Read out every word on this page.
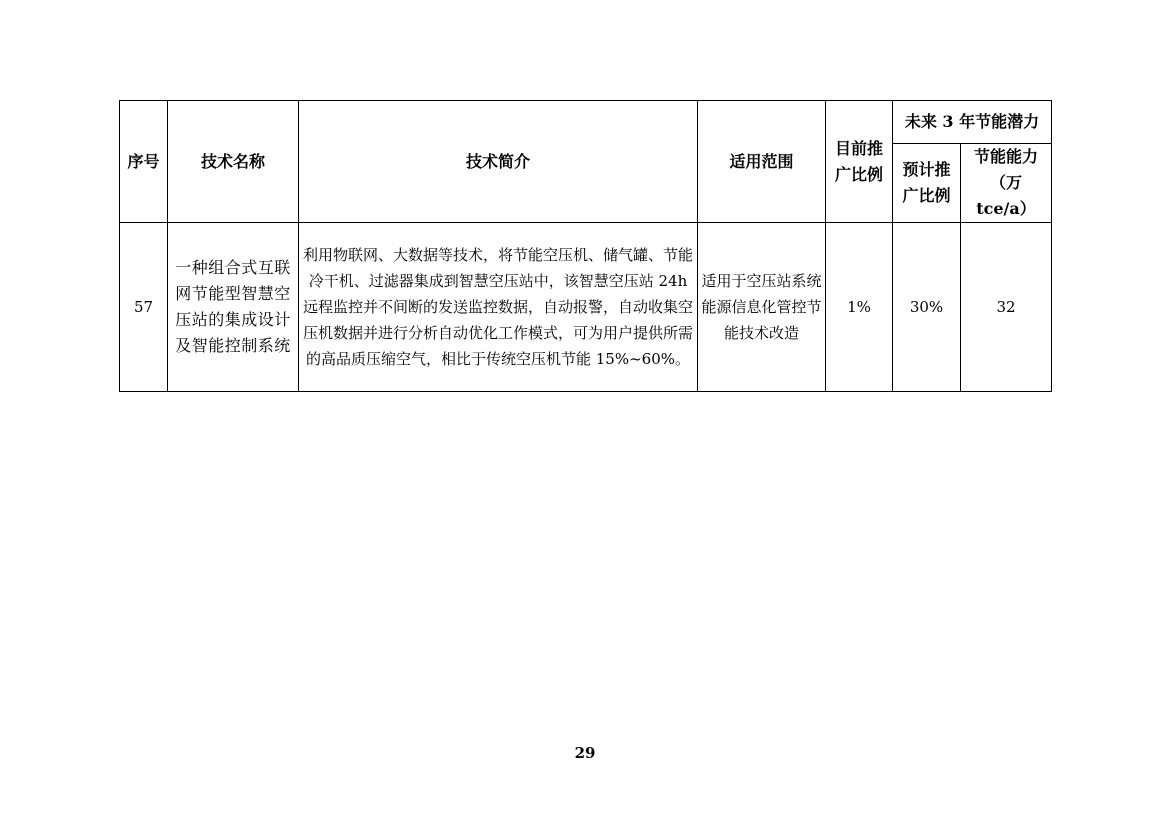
序号	技术名称	技术简介	适用范围	目前推广比例	未来 3 年节能潜力	
					预计推广比例	节能能力（万 tce/a）
57	一种组合式互联网节能型智慧空压站的集成设计及智能控制系统	利用物联网、大数据等技术，将节能空压机、储气罐、节能冷干机、过滤器集成到智慧空压站中，该智慧空压站 24h 远程监控并不间断的发送监控数据，自动报警，自动收集空压机数据并进行分析自动优化工作模式，可为用户提供所需的高品质压缩空气，相比于传统空压机节能 15%~60%。	适用于空压站系统能源信息化管控节能技术改造	1%	30%	32
29
